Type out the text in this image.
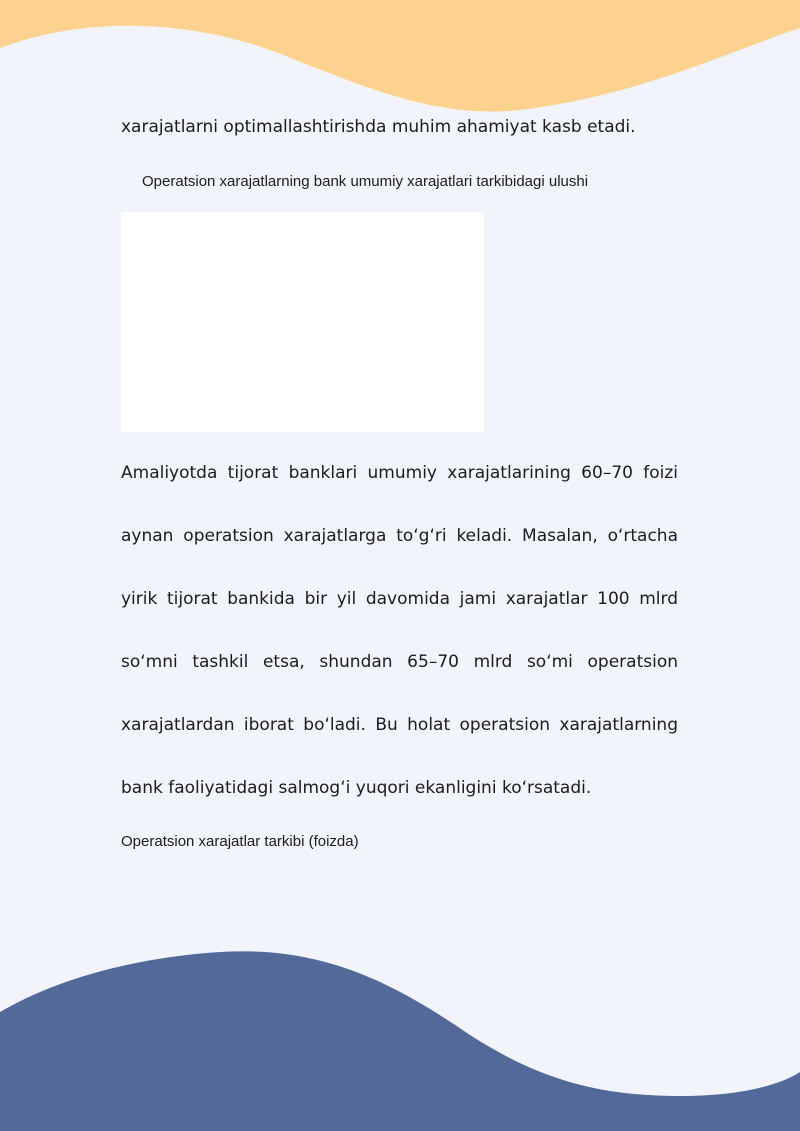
xarajatlarni optimallashtirishda muhim ahamiyat kasb etadi.
Operatsion xarajatlarning bank umumiy xarajatlari tarkibidagi ulushi
Amaliyotda tijorat banklari umumiy xarajatlarining 60–70 foizi
aynan operatsion xarajatlarga to‘g‘ri keladi. Masalan, o‘rtacha
yirik tijorat bankida bir yil davomida jami xarajatlar 100 mlrd
so‘mni tashkil etsa, shundan 65–70 mlrd so‘mi operatsion
xarajatlardan iborat bo‘ladi. Bu holat operatsion xarajatlarning
bank faoliyatidagi salmog‘i yuqori ekanligini ko‘rsatadi.
Operatsion xarajatlar tarkibi (foizda)
